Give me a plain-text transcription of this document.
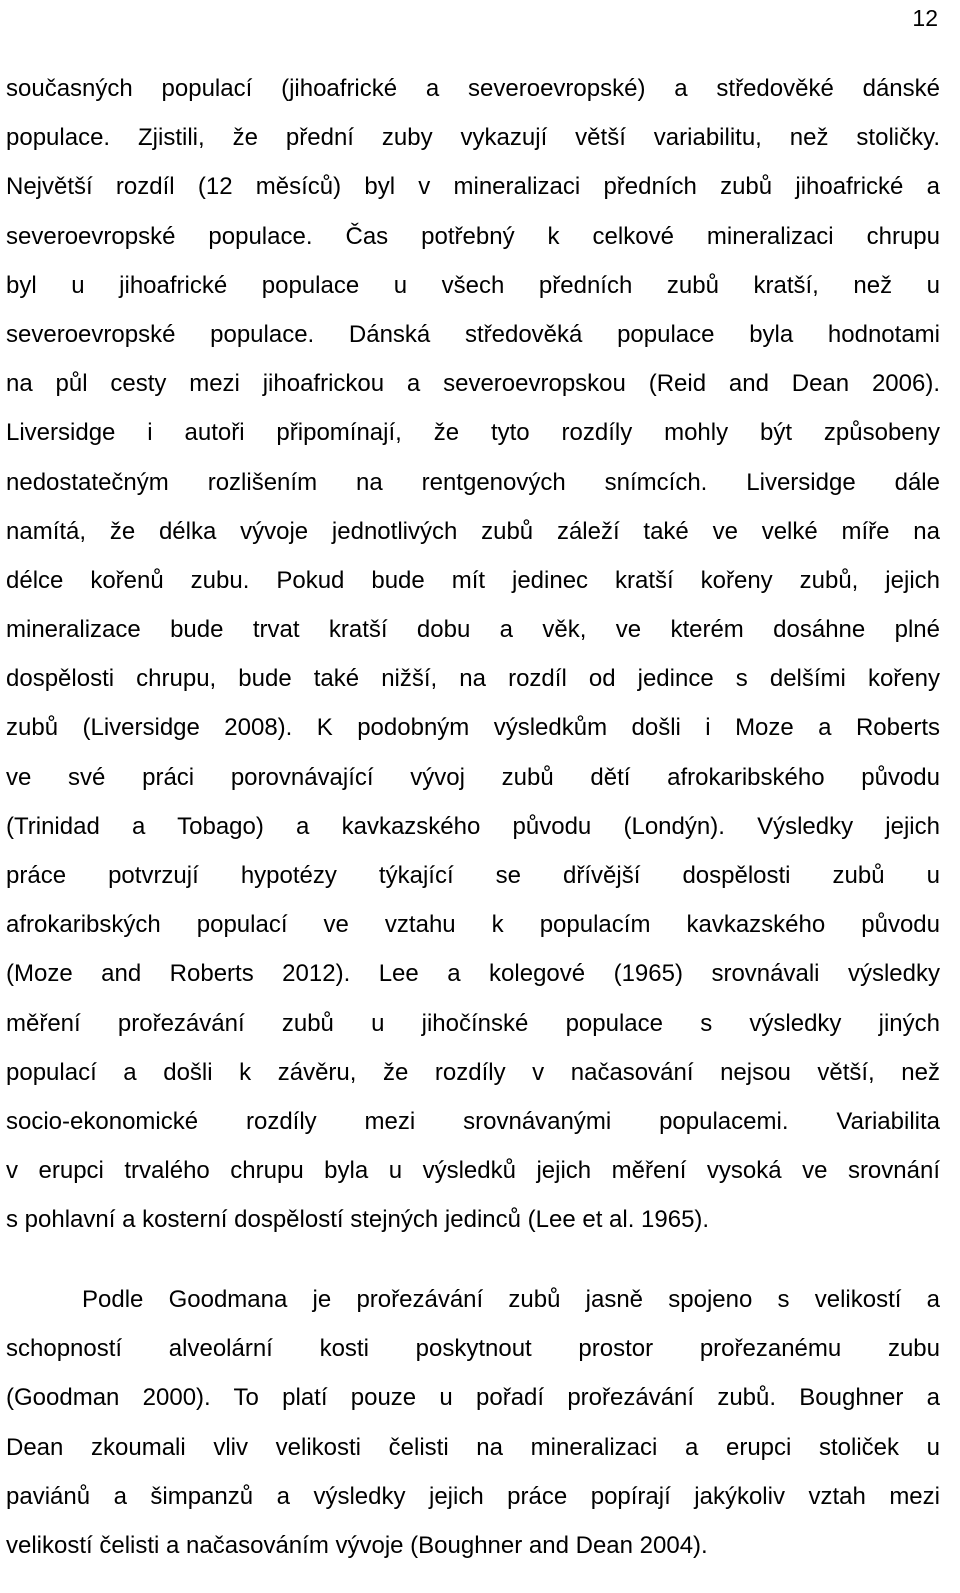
12

současných populací (jihoafrické a severoevropské) a středověké dánské
populace. Zjistili, že přední zuby vykazují větší variabilitu, než stoličky.
Největší rozdíl (12 měsíců) byl v mineralizaci předních zubů jihoafrické a
severoevropské populace. Čas potřebný k celkové mineralizaci chrupu
byl u jihoafrické populace u všech předních zubů kratší, než u
severoevropské populace. Dánská středověká populace byla hodnotami
na půl cesty mezi jihoafrickou a severoevropskou (Reid and Dean 2006).
Liversidge i autoři připomínají, že tyto rozdíly mohly být způsobeny
nedostatečným rozlišením na rentgenových snímcích. Liversidge dále
namítá, že délka vývoje jednotlivých zubů záleží také ve velké míře na
délce kořenů zubu. Pokud bude mít jedinec kratší kořeny zubů, jejich
mineralizace bude trvat kratší dobu a věk, ve kterém dosáhne plné
dospělosti chrupu, bude také nižší, na rozdíl od jedince s delšími kořeny
zubů (Liversidge 2008). K podobným výsledkům došli i Moze a Roberts
ve své práci porovnávající vývoj zubů dětí afrokaribského původu
(Trinidad a Tobago) a kavkazského původu (Londýn). Výsledky jejich
práce potvrzují hypotézy týkající se dřívější dospělosti zubů u
afrokaribských populací ve vztahu k populacím kavkazského původu
(Moze and Roberts 2012). Lee a kolegové (1965) srovnávali výsledky
měření prořezávání zubů u jihočínské populace s výsledky jiných
populací a došli k závěru, že rozdíly v načasování nejsou větší, než
socio-ekonomické rozdíly mezi srovnávanými populacemi. Variabilita
v erupci trvalého chrupu byla u výsledků jejich měření vysoká ve srovnání
s pohlavní a kosterní dospělostí stejných jedinců (Lee et al. 1965).
Podle Goodmana je prořezávání zubů jasně spojeno s velikostí a
schopností alveolární kosti poskytnout prostor prořezanému zubu
(Goodman 2000). To platí pouze u pořadí prořezávání zubů. Boughner a
Dean zkoumali vliv velikosti čelisti na mineralizaci a erupci stoliček u
paviánů a šimpanzů a výsledky jejich práce popírají jakýkoliv vztah mezi
velikostí čelisti a načasováním vývoje (Boughner and Dean 2004).
